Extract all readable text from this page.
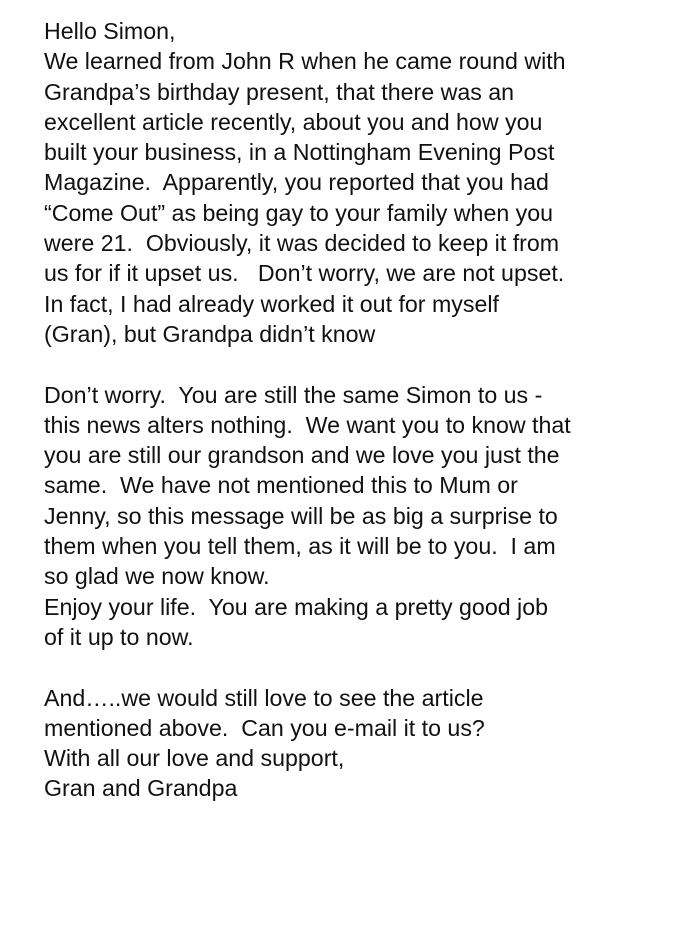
Hello Simon,
We learned from John R when he came round with
Grandpa’s birthday present, that there was an
excellent article recently, about you and how you
built your business, in a Nottingham Evening Post
Magazine.  Apparently, you reported that you had
“Come Out” as being gay to your family when you
were 21.  Obviously, it was decided to keep it from
us for if it upset us.   Don’t worry, we are not upset.
In fact, I had already worked it out for myself
(Gran), but Grandpa didn’t know
Don’t worry.  You are still the same Simon to us -
this news alters nothing.  We want you to know that
you are still our grandson and we love you just the
same.  We have not mentioned this to Mum or
Jenny, so this message will be as big a surprise to
them when you tell them, as it will be to you.  I am
so glad we now know.
Enjoy your life.  You are making a pretty good job
of it up to now.
And…..we would still love to see the article
mentioned above.  Can you e-mail it to us?
With all our love and support,
Gran and Grandpa
